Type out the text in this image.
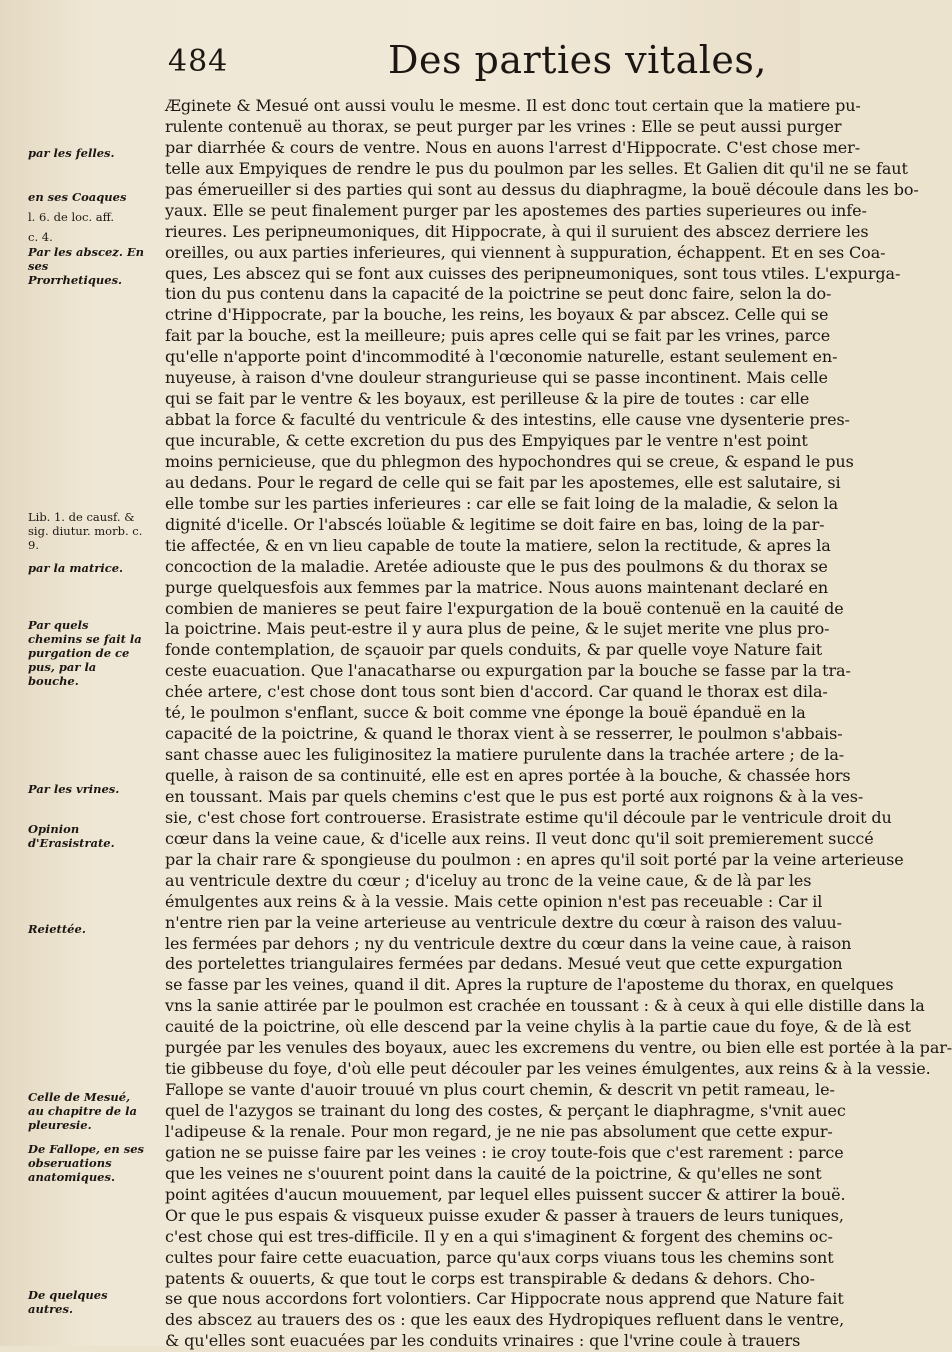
484	Des parties vitales,
par les felles.
en ses Coaques
l. 6. de loc. aff.
c. 4.
Par les abscez. En ses Prorrhetiques.
Lib. 1. de causf. & sig. diutur. morb. c. 9.
par la matrice.
Par quels chemins se fait la purgation de ce pus, par la bouche.
Par les vrines.
Opinion d'Erasistrate.
Reiettée.
Celle de Mesué, au chapitre de la pleuresie.
De Fallope, en ses obseruations anatomiques.
De quelques autres.
Æginete & Mesué ont aussi voulu le mesme. Il est donc tout certain que la matiere pu-
rulente contenuë au thorax, se peut purger par les vrines : Elle se peut aussi purger
par diarrhée & cours de ventre. Nous en auons l'arrest d'Hippocrate. C'est chose mer-
telle aux Empyiques de rendre le pus du poulmon par les selles. Et Galien dit qu'il ne se faut
pas émerueiller si des parties qui sont au dessus du diaphragme, la bouë découle dans les bo-
yaux. Elle se peut finalement purger par les apostemes des parties superieures ou infe-
rieures. Les peripneumoniques, dit Hippocrate, à qui il suruient des abscez derriere les
oreilles, ou aux parties inferieures, qui viennent à suppuration, échappent. Et en ses Coa-
ques, Les abscez qui se font aux cuisses des peripneumoniques, sont tous vtiles. L'expurga-
tion du pus contenu dans la capacité de la poictrine se peut donc faire, selon la do-
ctrine d'Hippocrate, par la bouche, les reins, les boyaux & par abscez. Celle qui se
fait par la bouche, est la meilleure; puis apres celle qui se fait par les vrines, parce
qu'elle n'apporte point d'incommodité à l'œconomie naturelle, estant seulement en-
nuyeuse, à raison d'vne douleur strangurieuse qui se passe incontinent. Mais celle
qui se fait par le ventre & les boyaux, est perilleuse & la pire de toutes : car elle
abbat la force & faculté du ventricule & des intestins, elle cause vne dysenterie pres-
que incurable, & cette excretion du pus des Empyiques par le ventre n'est point
moins pernicieuse, que du phlegmon des hypochondres qui se creue, & espand le pus
au dedans. Pour le regard de celle qui se fait par les apostemes, elle est salutaire, si
elle tombe sur les parties inferieures : car elle se fait loing de la maladie, & selon la
dignité d'icelle. Or l'abscés loüable & legitime se doit faire en bas, loing de la par-
tie affectée, & en vn lieu capable de toute la matiere, selon la rectitude, & apres la
concoction de la maladie. Aretée adiouste que le pus des poulmons & du thorax se
purge quelquesfois aux femmes par la matrice. Nous auons maintenant declaré en
combien de manieres se peut faire l'expurgation de la bouë contenuë en la cauité de
la poictrine. Mais peut-estre il y aura plus de peine, & le sujet merite vne plus pro-
fonde contemplation, de sçauoir par quels conduits, & par quelle voye Nature fait
ceste euacuation. Que l'anacatharse ou expurgation par la bouche se fasse par la tra-
chée artere, c'est chose dont tous sont bien d'accord. Car quand le thorax est dila-
té, le poulmon s'enflant, succe & boit comme vne éponge la bouë épanduë en la
capacité de la poictrine, & quand le thorax vient à se resserrer, le poulmon s'abbais-
sant chasse auec les fuliginositez la matiere purulente dans la trachée artere ; de la-
quelle, à raison de sa continuité, elle est en apres portée à la bouche, & chassée hors
en toussant. Mais par quels chemins c'est que le pus est porté aux roignons & à la ves-
sie, c'est chose fort controuerse. Erasistrate estime qu'il découle par le ventricule droit du
cœur dans la veine caue, & d'icelle aux reins. Il veut donc qu'il soit premierement succé
par la chair rare & spongieuse du poulmon : en apres qu'il soit porté par la veine arterieuse
au ventricule dextre du cœur ; d'iceluy au tronc de la veine caue, & de là par les
émulgentes aux reins & à la vessie. Mais cette opinion n'est pas receuable : Car il
n'entre rien par la veine arterieuse au ventricule dextre du cœur à raison des valuu-
les fermées par dehors ; ny du ventricule dextre du cœur dans la veine caue, à raison
des portelettes triangulaires fermées par dedans. Mesué veut que cette expurgation
se fasse par les veines, quand il dit. Apres la rupture de l'aposteme du thorax, en quelques
vns la sanie attirée par le poulmon est crachée en toussant : & à ceux à qui elle distille dans la
cauité de la poictrine, où elle descend par la veine chylis à la partie caue du foye, & de là est
purgée par les venules des boyaux, auec les excremens du ventre, ou bien elle est portée à la par-
tie gibbeuse du foye, d'où elle peut découler par les veines émulgentes, aux reins & à la vessie.
Fallope se vante d'auoir trouué vn plus court chemin, & descrit vn petit rameau, le-
quel de l'azygos se trainant du long des costes, & perçant le diaphragme, s'vnit auec
l'adipeuse & la renale. Pour mon regard, je ne nie pas absolument que cette expur-
gation ne se puisse faire par les veines : ie croy toute-fois que c'est rarement : parce
que les veines ne s'ouurent point dans la cauité de la poictrine, & qu'elles ne sont
point agitées d'aucun mouuement, par lequel elles puissent succer & attirer la bouë.
Or que le pus espais & visqueux puisse exuder & passer à trauers de leurs tuniques,
c'est chose qui est tres-difficile. Il y en a qui s'imaginent & forgent des chemins oc-
cultes pour faire cette euacuation, parce qu'aux corps viuans tous les chemins sont
patents & ouuerts, & que tout le corps est transpirable & dedans & dehors. Cho-
se que nous accordons fort volontiers. Car Hippocrate nous apprend que Nature fait
des abscez au trauers des os : que les eaux des Hydropiques refluent dans le ventre,
& qu'elles sont euacuées par les conduits vrinaires : que l'vrine coule à trauers
